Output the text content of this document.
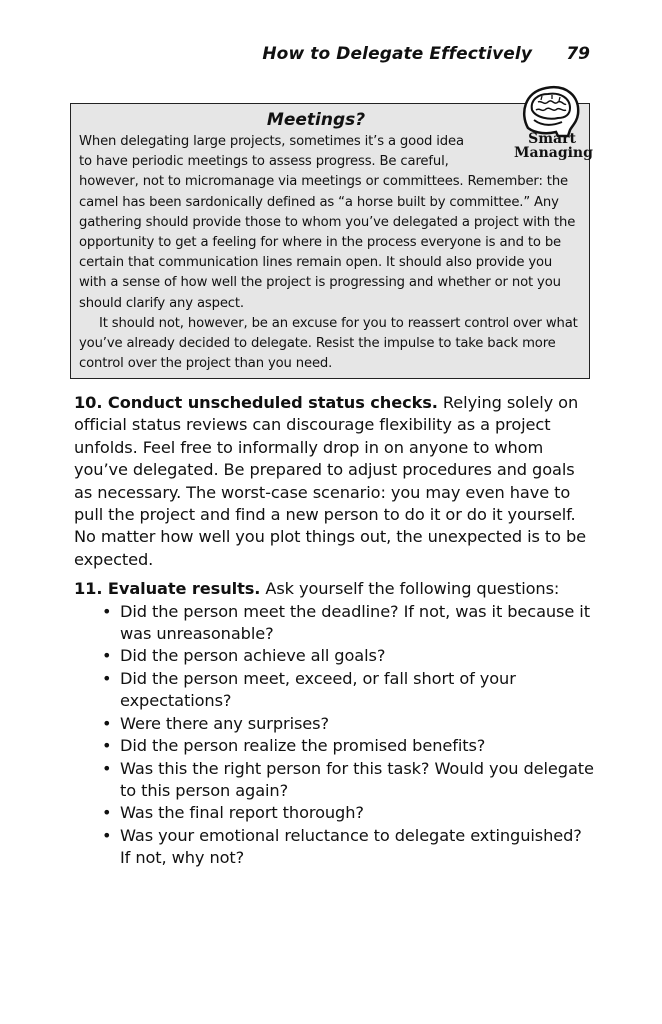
How to Delegate Effectively 79
Meetings?

When delegating large projects, sometimes it’s a good idea
to have periodic meetings to assess progress. Be careful,
however, not to micromanage via meetings or committees. Remember: the camel has been sardonically defined as “a horse built by committee.” Any gathering should provide those to whom you’ve delegated a project with the opportunity to get a feeling for where in the process everyone is and to be certain that communication lines remain open. It should also provide you with a sense of how well the project is progressing and whether or not you should clarify any aspect.

It should not, however, be an excuse for you to reassert control over what you’ve already decided to delegate. Resist the impulse to take back more control over the project than you need.

Smart
Managing

10. Conduct unscheduled status checks. Relying solely on official status reviews can discourage flexibility as a project unfolds. Feel free to informally drop in on anyone to whom you’ve delegated. Be prepared to adjust procedures and goals as necessary. The worst-case scenario: you may even have to pull the project and find a new person to do it or do it yourself. No matter how well you plot things out, the unexpected is to be expected.

11. Evaluate results. Ask yourself the following questions:

• Did the person meet the deadline? If not, was it because it was unreasonable?
• Did the person achieve all goals?
• Did the person meet, exceed, or fall short of your expectations?
• Were there any surprises?
• Did the person realize the promised benefits?
• Was this the right person for this task? Would you delegate to this person again?
• Was the final report thorough?
• Was your emotional reluctance to delegate extinguished? If not, why not?
